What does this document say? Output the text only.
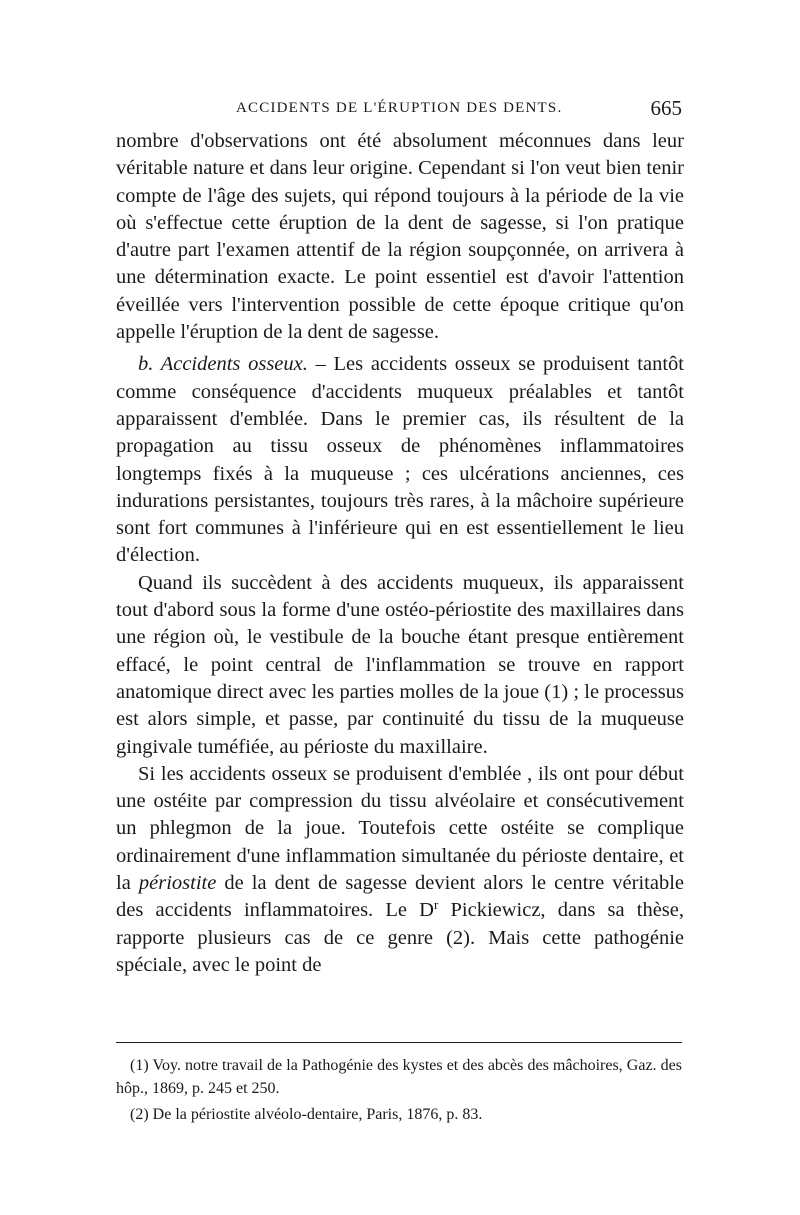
ACCIDENTS DE L'ÉRUPTION DES DENTS.	665

nombre d'observations ont été absolument méconnues dans leur véritable nature et dans leur origine. Cependant si l'on veut bien tenir compte de l'âge des sujets, qui répond toujours à la période de la vie où s'effectue cette éruption de la dent de sagesse, si l'on pratique d'autre part l'examen attentif de la région soupçonnée, on arrivera à une détermination exacte. Le point essentiel est d'avoir l'attention éveillée vers l'intervention possible de cette époque critique qu'on appelle l'éruption de la dent de sagesse.

b. Accidents osseux. – Les accidents osseux se produisent tantôt comme conséquence d'accidents muqueux préalables et tantôt apparaissent d'emblée. Dans le premier cas, ils résultent de la propagation au tissu osseux de phénomènes inflammatoires longtemps fixés à la muqueuse ; ces ulcérations anciennes, ces indurations persistantes, toujours très rares, à la mâchoire supérieure sont fort communes à l'inférieure qui en est essentiellement le lieu d'élection.

Quand ils succèdent à des accidents muqueux, ils apparaissent tout d'abord sous la forme d'une ostéo-périostite des maxillaires dans une région où, le vestibule de la bouche étant presque entièrement effacé, le point central de l'inflammation se trouve en rapport anatomique direct avec les parties molles de la joue (1) ; le processus est alors simple, et passe, par continuité du tissu de la muqueuse gingivale tuméfiée, au périoste du maxillaire.

Si les accidents osseux se produisent d'emblée , ils ont pour début une ostéite par compression du tissu alvéolaire et consécutivement un phlegmon de la joue. Toutefois cette ostéite se complique ordinairement d'une inflammation simultanée du périoste dentaire, et la périostite de la dent de sagesse devient alors le centre véritable des accidents inflammatoires. Le $D^r$ Pickiewicz, dans sa thèse, rapporte plusieurs cas de ce genre (2). Mais cette pathogénie spéciale, avec le point de

(1) Voy. notre travail de la Pathogénie des kystes et des abcès des mâchoires, Gaz. des hôp., 1869, p. 245 et 250.

(2) De la périostite alvéolo-dentaire, Paris, 1876, p. 83.
